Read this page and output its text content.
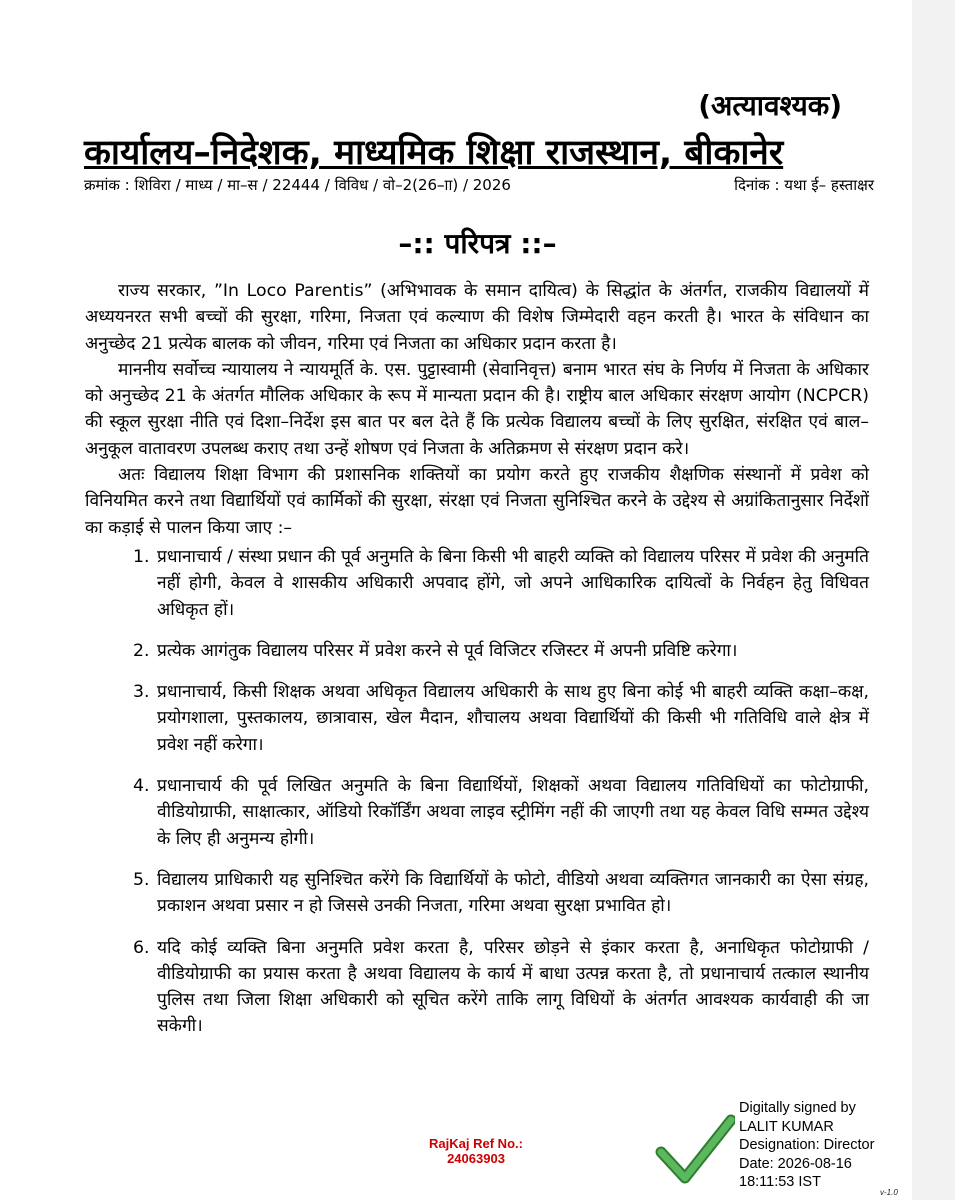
(अत्यावश्यक)
कार्यालय–निदेशक, माध्यमिक शिक्षा राजस्थान, बीकानेर
क्रमांक : शिविरा / माध्य / मा–स / 22444 / विविध / वो–2(26–ाा) / 2026	दिनांक : यथा ई– हस्ताक्षर
–:: परिपत्र ::–

राज्य सरकार, ”In Loco Parentis” (अभिभावक के समान दायित्व) के सिद्धांत के अंतर्गत, राजकीय विद्यालयों में अध्ययनरत सभी बच्चों की सुरक्षा, गरिमा, निजता एवं कल्याण की विशेष जिम्मेदारी वहन करती है। भारत के संविधान का अनुच्छेद 21 प्रत्येक बालक को जीवन, गरिमा एवं निजता का अधिकार प्रदान करता है।

माननीय सर्वोच्च न्यायालय ने न्यायमूर्ति के. एस. पुट्टास्वामी (सेवानिवृत्त) बनाम भारत संघ के निर्णय में निजता के अधिकार को अनुच्छेद 21 के अंतर्गत मौलिक अधिकार के रूप में मान्यता प्रदान की है। राष्ट्रीय बाल अधिकार संरक्षण आयोग (NCPCR) की स्कूल सुरक्षा नीति एवं दिशा–निर्देश इस बात पर बल देते हैं कि प्रत्येक विद्यालय बच्चों के लिए सुरक्षित, संरक्षित एवं बाल–अनुकूल वातावरण उपलब्ध कराए तथा उन्हें शोषण एवं निजता के अतिक्रमण से संरक्षण प्रदान करे।

अतः विद्यालय शिक्षा विभाग की प्रशासनिक शक्तियों का प्रयोग करते हुए राजकीय शैक्षणिक संस्थानों में प्रवेश को विनियमित करने तथा विद्यार्थियों एवं कार्मिकों की सुरक्षा, संरक्षा एवं निजता सुनिश्चित करने के उद्देश्य से अग्रांकितानुसार निर्देशों का कड़ाई से पालन किया जाए :–

1. प्रधानाचार्य / संस्था प्रधान की पूर्व अनुमति के बिना किसी भी बाहरी व्यक्ति को विद्यालय परिसर में प्रवेश की अनुमति नहीं होगी, केवल वे शासकीय अधिकारी अपवाद होंगे, जो अपने आधिकारिक दायित्वों के निर्वहन हेतु विधिवत अधिकृत हों।
2. प्रत्येक आगंतुक विद्यालय परिसर में प्रवेश करने से पूर्व विजिटर रजिस्टर में अपनी प्रविष्टि करेगा।
3. प्रधानाचार्य, किसी शिक्षक अथवा अधिकृत विद्यालय अधिकारी के साथ हुए बिना कोई भी बाहरी व्यक्ति कक्षा–कक्ष, प्रयोगशाला, पुस्तकालय, छात्रावास, खेल मैदान, शौचालय अथवा विद्यार्थियों की किसी भी गतिविधि वाले क्षेत्र में प्रवेश नहीं करेगा।
4. प्रधानाचार्य की पूर्व लिखित अनुमति के बिना विद्यार्थियों, शिक्षकों अथवा विद्यालय गतिविधियों का फोटोग्राफी, वीडियोग्राफी, साक्षात्कार, ऑडियो रिकॉर्डिंग अथवा लाइव स्ट्रीमिंग नहीं की जाएगी तथा यह केवल विधि सम्मत उद्देश्य के लिए ही अनुमन्य होगी।
5. विद्यालय प्राधिकारी यह सुनिश्चित करेंगे कि विद्यार्थियों के फोटो, वीडियो अथवा व्यक्तिगत जानकारी का ऐसा संग्रह, प्रकाशन अथवा प्रसार न हो जिससे उनकी निजता, गरिमा अथवा सुरक्षा प्रभावित हो।
6. यदि कोई व्यक्ति बिना अनुमति प्रवेश करता है, परिसर छोड़ने से इंकार करता है, अनाधिकृत फोटोग्राफी / वीडियोग्राफी का प्रयास करता है अथवा विद्यालय के कार्य में बाधा उत्पन्न करता है, तो प्रधानाचार्य तत्काल स्थानीय पुलिस तथा जिला शिक्षा अधिकारी को सूचित करेंगे ताकि लागू विधियों के अंतर्गत आवश्यक कार्यवाही की जा सकेगी।
RajKaj Ref No.:
24063903
Digitally signed by
LALIT KUMAR
Designation: Director
Date: 2026-08-16
18:11:53 IST
v-1.0
